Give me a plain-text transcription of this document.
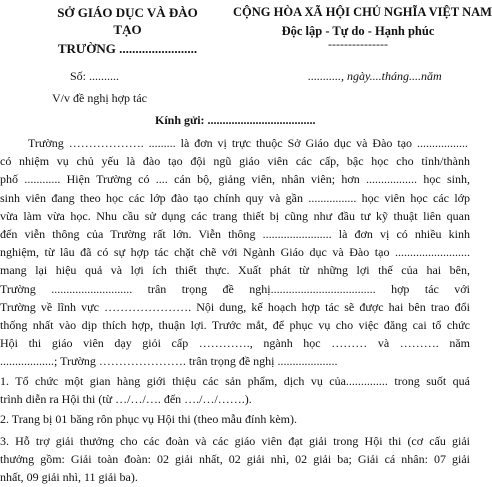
SỞ GIÁO DỤC VÀ ĐÀO
TẠO
TRƯỜNG ........................
Số: ..........
V/v đề nghị hợp tác
CỘNG HÒA XÃ HỘI CHỦ NGHĨA VIỆT NAM
Độc lập - Tự do - Hạnh phúc
---------------
..........., ngày....tháng....năm
Kính gửi: ....................................
Trường ………………. ......... là đơn vị trực thuộc Sở Giáo dục và Đào tạo .................
có nhiệm vụ chủ yếu là đào tạo đội ngũ giáo viên các cấp, bậc học cho tỉnh/thành
phố ............ Hiện Trường có .... cán bộ, giảng viên, nhân viên; hơn ................. học sinh,
sinh viên đang theo học các lớp đào tạo chính quy và gần ................ học viên học các lớp
vừa làm vừa học. Nhu cầu sử dụng các trang thiết bị cũng như đầu tư kỹ thuật liên quan
đến viễn thông của Trường rất lớn. Viễn thông ....................... là đơn vị có nhiều kinh
nghiệm, từ lâu đã có sự hợp tác chặt chẽ với Ngành Giáo dục và Đào tạo .........................
mang lại hiệu quả và lợi ích thiết thực. Xuất phát từ những lợi thế của hai bên,
Trường ........................... trân trọng đề nghị................................... hợp tác với
Trường về lĩnh vực …………………. Nội dung, kế hoạch hợp tác sẽ được hai bên trao đổi
thống nhất vào dịp thích hợp, thuận lợi. Trước mắt, để phục vụ cho việc đăng cai tổ chức
Hội thi giáo viên dạy giỏi cấp …………., ngành học ……… và ………. năm
..................; Trường …………………. trân trọng đề nghị ....................
1. Tổ chức một gian hàng giới thiệu các sản phẩm, dịch vụ của.............. trong suốt quá
trình diễn ra Hội thi (từ …/…/…. đến …./…/…….).
2. Trang bị 01 băng rôn phục vụ Hội thi (theo mẫu đính kèm).
3. Hỗ trợ giải thưởng cho các đoàn và các giáo viên đạt giải trong Hội thi (cơ cấu giải
thưởng gồm: Giải toàn đoàn: 02 giải nhất, 02 giải nhì, 02 giải ba; Giải cá nhân: 07 giải
nhất, 09 giải nhì, 11 giải ba).
